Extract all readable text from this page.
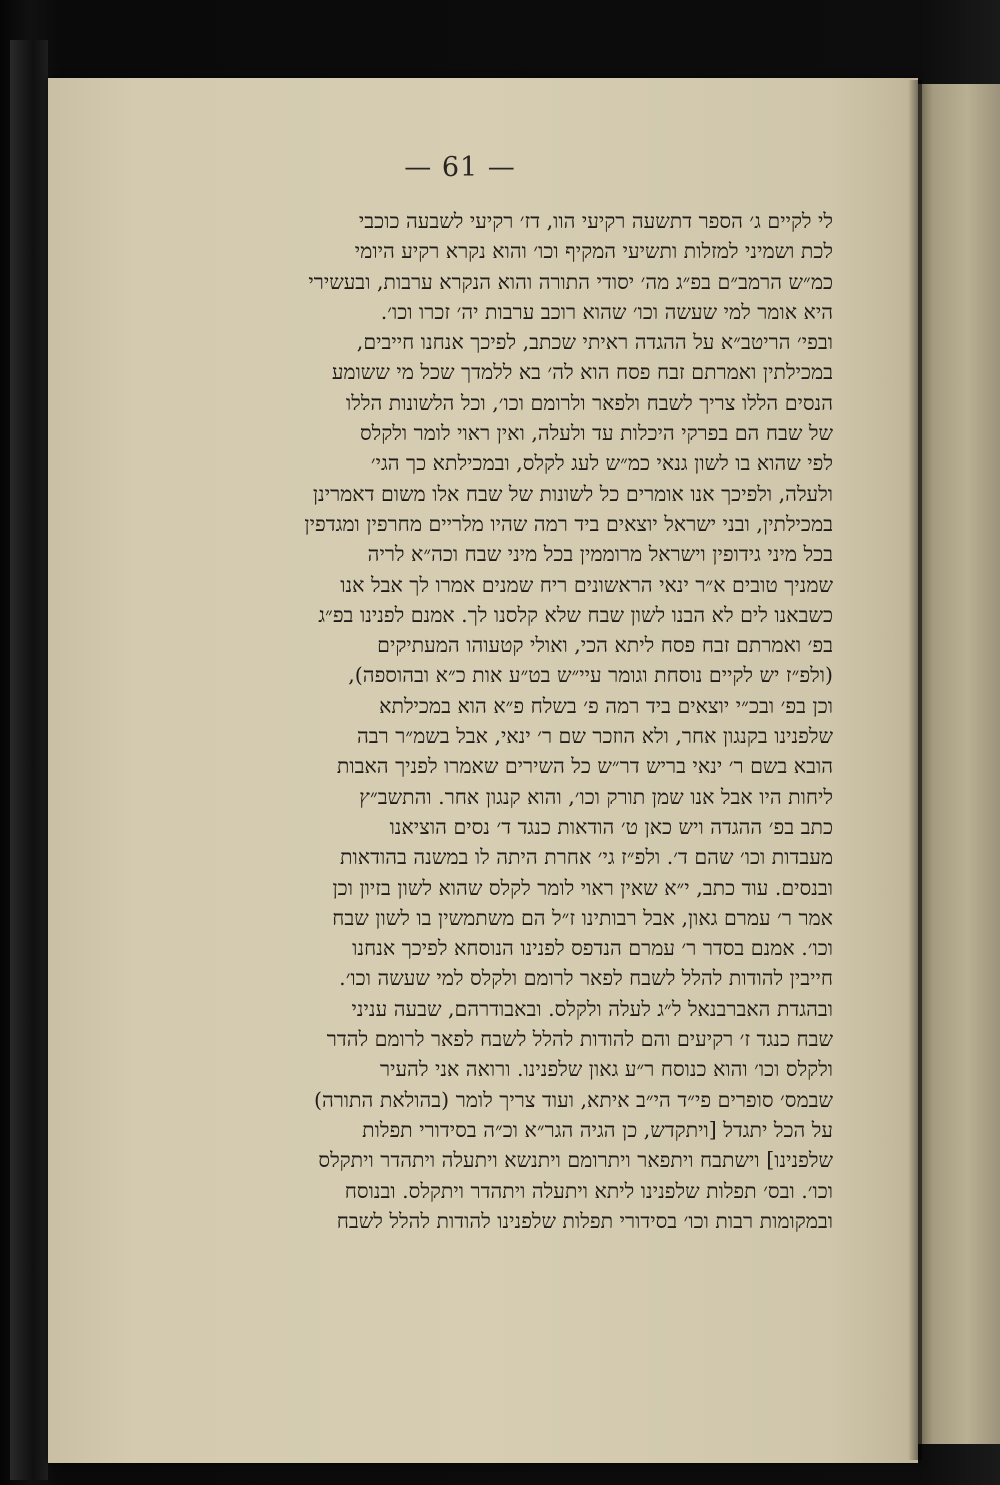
— 61 —
לי לקיים ג׳ הספר דתשעה רקיעי הוו, דז׳ רקיעי לשבעה כוכבי
לכת ושמיני למזלות ותשיעי המקיף וכו׳ והוא נקרא רקיע היומי
כמ״ש הרמב״ם בפ״ג מה׳ יסודי התורה והוא הנקרא ערבות, ובעשירי
היא אומר למי שעשה וכו׳ שהוא רוכב ערבות יה׳ זכרו וכו׳.
ובפי׳ הריטב״א על ההגדה ראיתי שכתב, לפיכך אנחנו חייבים,
במכילתין ואמרתם זבח פסח הוא לה׳ בא ללמדך שכל מי ששומע
הנסים הללו צריך לשבח ולפאר ולרומם וכו׳, וכל הלשונות הללו
של שבח הם בפרקי היכלות עד ולעלה, ואין ראוי לומר ולקלס
לפי שהוא בו לשון גנאי כמ״ש לעג לקלס, ובמכילתא כך הגי׳
ולעלה, ולפיכך אנו אומרים כל לשונות של שבח אלו משום דאמרינן
במכילתין, ובני ישראל יוצאים ביד רמה שהיו מלריים מחרפין ומגדפין
בכל מיני גידופין וישראל מרוממין בכל מיני שבח וכה״א לריה
שמניך טובים א״ר ינאי הראשונים ריח שמנים אמרו לך אבל אנו
כשבאנו לים לא הבנו לשון שבח שלא קלסנו לך. אמנם לפנינו בפ״ג
בפ׳ ואמרתם זבח פסח ליתא הכי, ואולי קטעוהו המעתיקים
(ולפ״ז יש לקיים נוסחת וגומר עיי״ש בט״ע אות כ״א ובהוספה),
וכן בפ׳ ובכ״י יוצאים ביד רמה פ׳ בשלח פ״א הוא במכילתא
שלפנינו בקנגון אחר, ולא הוזכר שם ר׳ ינאי, אבל בשמ״ר רבה
הובא בשם ר׳ ינאי בריש דר״ש כל השירים שאמרו לפניך האבות
ליחות היו אבל אנו שמן תורק וכו׳, והוא קנגון אחר. והתשב״ץ
כתב בפ׳ ההגדה ויש כאן ט׳ הודאות כנגד ד׳ נסים הוציאנו
מעבדות וכו׳ שהם ד׳. ולפ״ז גי׳ אחרת היתה לו במשנה בהודאות
ובנסים. עוד כתב, י״א שאין ראוי לומר לקלס שהוא לשון בזיון וכן
אמר ר׳ עמרם גאון, אבל רבותינו ז״ל הם משתמשין בו לשון שבח
וכו׳. אמנם בסדר ר׳ עמרם הנדפס לפנינו הנוסחא לפיכך אנחנו
חייבין להודות להלל לשבח לפאר לרומם ולקלס למי שעשה וכו׳.
ובהגדת האברבנאל ל״ג לעלה ולקלס. ובאבודרהם, שבעה עניני
שבח כנגד ז׳ רקיעים והם להודות להלל לשבח לפאר לרומם להדר
ולקלס וכו׳ והוא כנוסח ר״ע גאון שלפנינו. ורואה אני להעיר
שבמס׳ סופרים פי״ד הי״ב איתא, ועוד צריך לומר (בהולאת התורה)
על הכל יתגדל [ויתקדש, כן הגיה הגר״א וכ״ה בסידורי תפלות
שלפנינו] וישתבח ויתפאר ויתרומם ויתנשא ויתעלה ויתהדר ויתקלס
וכו׳. ובס׳ תפלות שלפנינו ליתא ויתעלה ויתהדר ויתקלס. ובנוסח
ובמקומות רבות וכו׳ בסידורי תפלות שלפנינו להודות להלל לשבח
